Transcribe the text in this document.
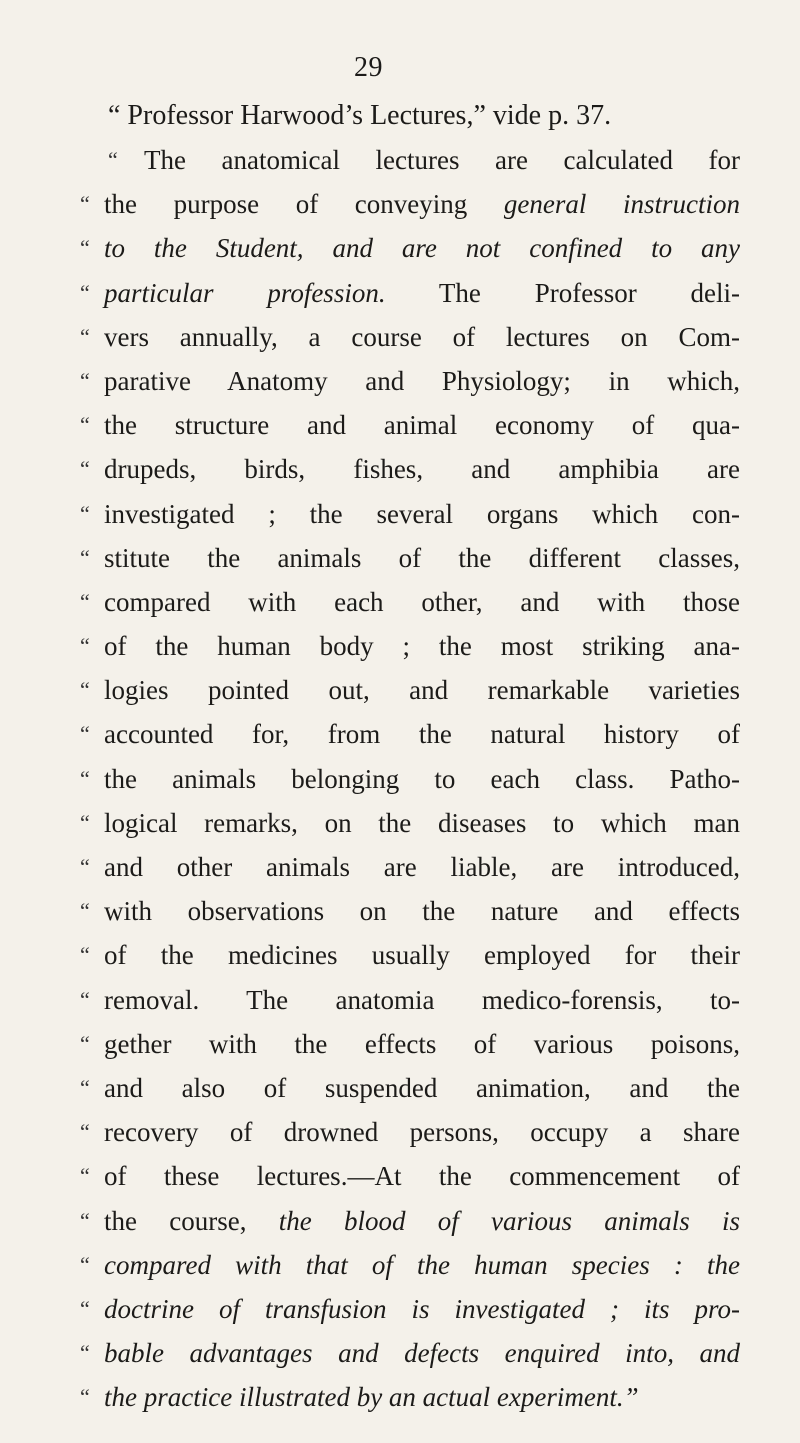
29
“ Professor Harwood’s Lectures,” vide p. 37.
“ The anatomical lectures are calculated for
“ the purpose of conveying general instruction
“ to the Student, and are not confined to any
“ particular profession. The Professor deli-
“ vers annually, a course of lectures on Com-
“ parative Anatomy and Physiology; in which,
“ the structure and animal economy of qua-
“ drupeds, birds, fishes, and amphibia are
“ investigated ; the several organs which con-
“ stitute the animals of the different classes,
“ compared with each other, and with those
“ of the human body ; the most striking ana-
“ logies pointed out, and remarkable varieties
“ accounted for, from the natural history of
“ the animals belonging to each class. Patho-
“ logical remarks, on the diseases to which man
“ and other animals are liable, are introduced,
“ with observations on the nature and effects
“ of the medicines usually employed for their
“ removal. The anatomia medico-forensis, to-
“ gether with the effects of various poisons,
“ and also of suspended animation, and the
“ recovery of drowned persons, occupy a share
“ of these lectures.—At the commencement of
“ the course, the blood of various animals is
“ compared with that of the human species : the
“ doctrine of transfusion is investigated ; its pro-
“ bable advantages and defects enquired into, and
“ the practice illustrated by an actual experiment.”
